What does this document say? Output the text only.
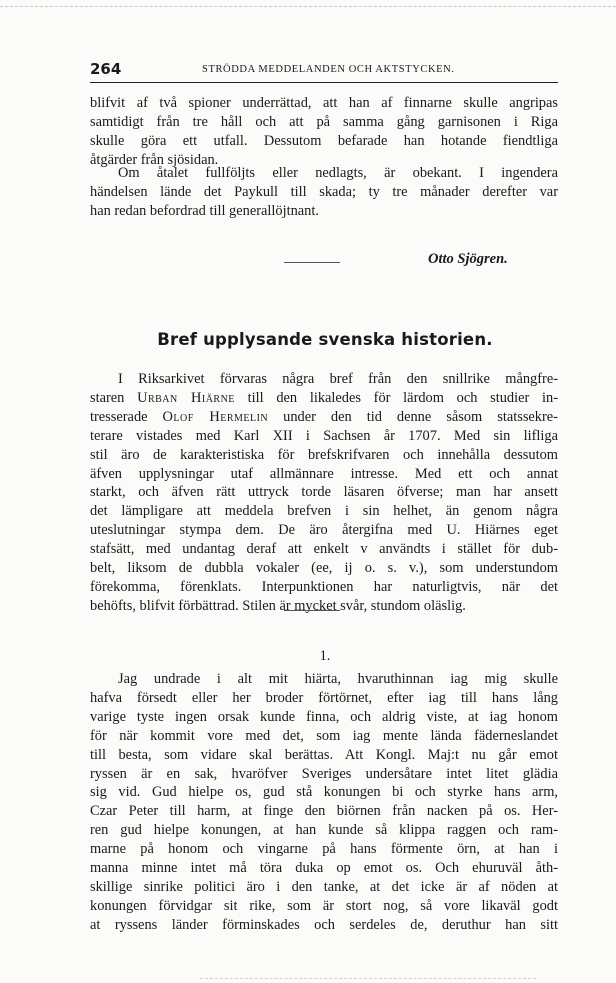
264	STRÖDDA MEDDELANDEN OCH AKTSTYCKEN.
blifvit af två spioner underrättad, att han af finnarne skulle angripas
samtidigt från tre håll och att på samma gång garnisonen i Riga
skulle göra ett utfall. Dessutom befarade han hotande fiendtliga
åtgärder från sjösidan.
Om åtalet fullföljts eller nedlagts, är obekant. I ingendera
händelsen lände det Paykull till skada; ty tre månader derefter var
han redan befordrad till generallöjtnant.
Otto Sjögren.
Bref upplysande svenska historien.
I Riksarkivet förvaras några bref från den snillrike mångfre-
staren Urban Hiärne till den likaledes för lärdom och studier in-
tresserade Olof Hermelin under den tid denne såsom statssekre-
terare vistades med Karl XII i Sachsen år 1707. Med sin lifliga
stil äro de karakteristiska för brefskrifvaren och innehålla dessutom
äfven upplysningar utaf allmännare intresse. Med ett och annat
starkt, och äfven rätt uttryck torde läsaren öfverse; man har ansett
det lämpligare att meddela brefven i sin helhet, än genom några
uteslutningar stympa dem. De äro återgifna med U. Hiärnes eget
stafsätt, med undantag deraf att enkelt v användts i stället för dub-
belt, liksom de dubbla vokaler (ee, ij o. s. v.), som understundom
förekomma, förenklats. Interpunktionen har naturligtvis, när det
behöfts, blifvit förbättrad. Stilen är mycket svår, stundom oläslig.
1.
Jag undrade i alt mit hiärta, hvaruthinnan iag mig skulle
hafva försedt eller her broder förtörnet, efter iag till hans lång
varige tyste ingen orsak kunde finna, och aldrig viste, at iag honom
för när kommit vore med det, som iag mente lända fäderneslandet
till besta, som vidare skal berättas. Att Kongl. Maj:t nu går emot
ryssen är en sak, hvaröfver Sveriges undersåtare intet litet glädia
sig vid. Gud hielpe os, gud stå konungen bi och styrke hans arm,
Czar Peter till harm, at finge den biörnen från nacken på os. Her-
ren gud hielpe konungen, at han kunde så klippa raggen och ram-
marne på honom och vingarne på hans förmente örn, at han i
manna minne intet må töra duka op emot os. Och ehuruväl åth-
skillige sinrike politici äro i den tanke, at det icke är af nöden at
konungen förvidgar sit rike, som är stort nog, så vore likaväl godt
at ryssens länder förminskades och serdeles de, deruthur han sitt
